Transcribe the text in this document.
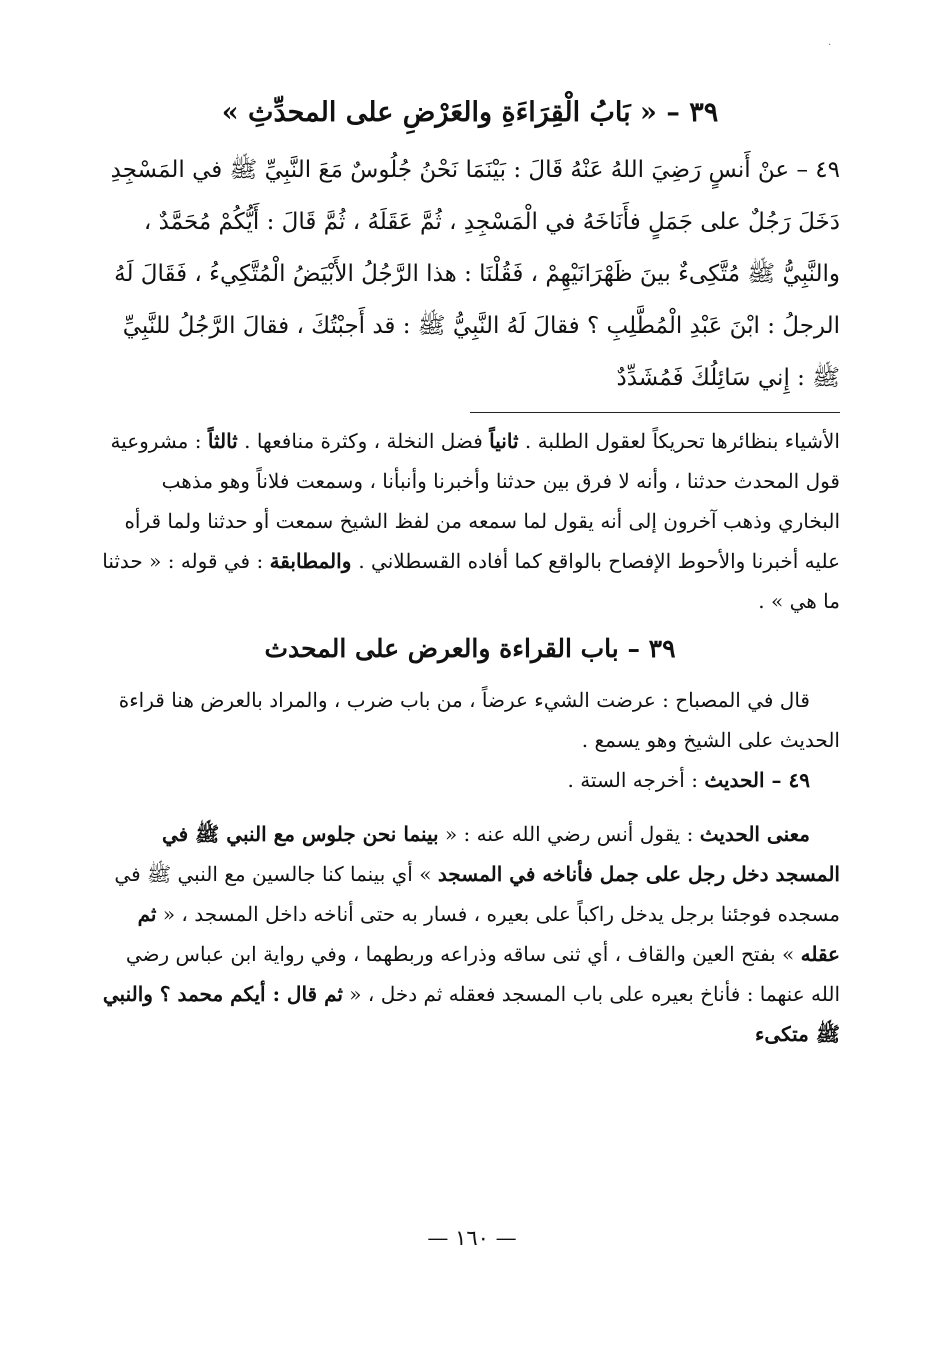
·
٣٩ – « بَابُ الْقِرَاءَةِ والعَرْضِ على المحدِّثِ »

٤٩ – عنْ أَنسٍ رَضِيَ اللهُ عَنْهُ قَالَ : بَيْنَمَا نَحْنُ جُلُوسٌ مَعَ النَّبِيِّ ﷺ في المَسْجِدِ دَخَلَ رَجُلٌ على جَمَلٍ فأَنَاخَهُ في الْمَسْجِدِ ، ثُمَّ عَقَلَهُ ، ثُمَّ قَالَ : أَيُّكُمْ مُحَمَّدٌ ، والنَّبِيُّ ﷺ مُتَّكِىءٌ بينَ ظَهْرَانَيْهِمْ ، فَقُلْنَا : هذا الرَّجُلُ الأَبْيَضُ الْمُتَّكِيءُ ، فَقَالَ لَهُ الرجلُ : ابْنَ عَبْدِ الْمُطَّلِبِ ؟ فقالَ لَهُ النَّبِيُّ ﷺ : قد أَجبْتُكَ ، فقالَ الرَّجُلُ للنَّبِيِّ ﷺ : إِني سَائِلُكَ فَمُشَدِّدٌ

الأشياء بنظائرها تحريكاً لعقول الطلبة . ثانياً فضل النخلة ، وكثرة منافعها . ثالثاً : مشروعية قول المحدث حدثنا ، وأنه لا فرق بين حدثنا وأخبرنا وأنبأنا ، وسمعت فلاناً وهو مذهب البخاري وذهب آخرون إلى أنه يقول لما سمعه من لفظ الشيخ سمعت أو حدثنا ولما قرأه عليه أخبرنا والأحوط الإفصاح بالواقع كما أفاده القسطلاني . والمطابقة : في قوله : « حدثنا ما هي » .

٣٩ – باب القراءة والعرض على المحدث

قال في المصباح : عرضت الشيء عرضاً ، من باب ضرب ، والمراد بالعرض هنا قراءة الحديث على الشيخ وهو يسمع .

٤٩ – الحديث : أخرجه الستة .

معنى الحديث : يقول أنس رضي الله عنه : « بينما نحن جلوس مع النبي ﷺ في المسجد دخل رجل على جمل فأناخه في المسجد » أي بينما كنا جالسين مع النبي ﷺ في مسجده فوجئنا برجل يدخل راكباً على بعيره ، فسار به حتى أناخه داخل المسجد ، « ثم عقله » بفتح العين والقاف ، أي ثنى ساقه وذراعه وربطهما ، وفي رواية ابن عباس رضي الله عنهما : فأناخ بعيره على باب المسجد فعقله ثم دخل ، « ثم قال : أيكم محمد ؟ والنبي ﷺ متكىء

— ١٦٠ —
